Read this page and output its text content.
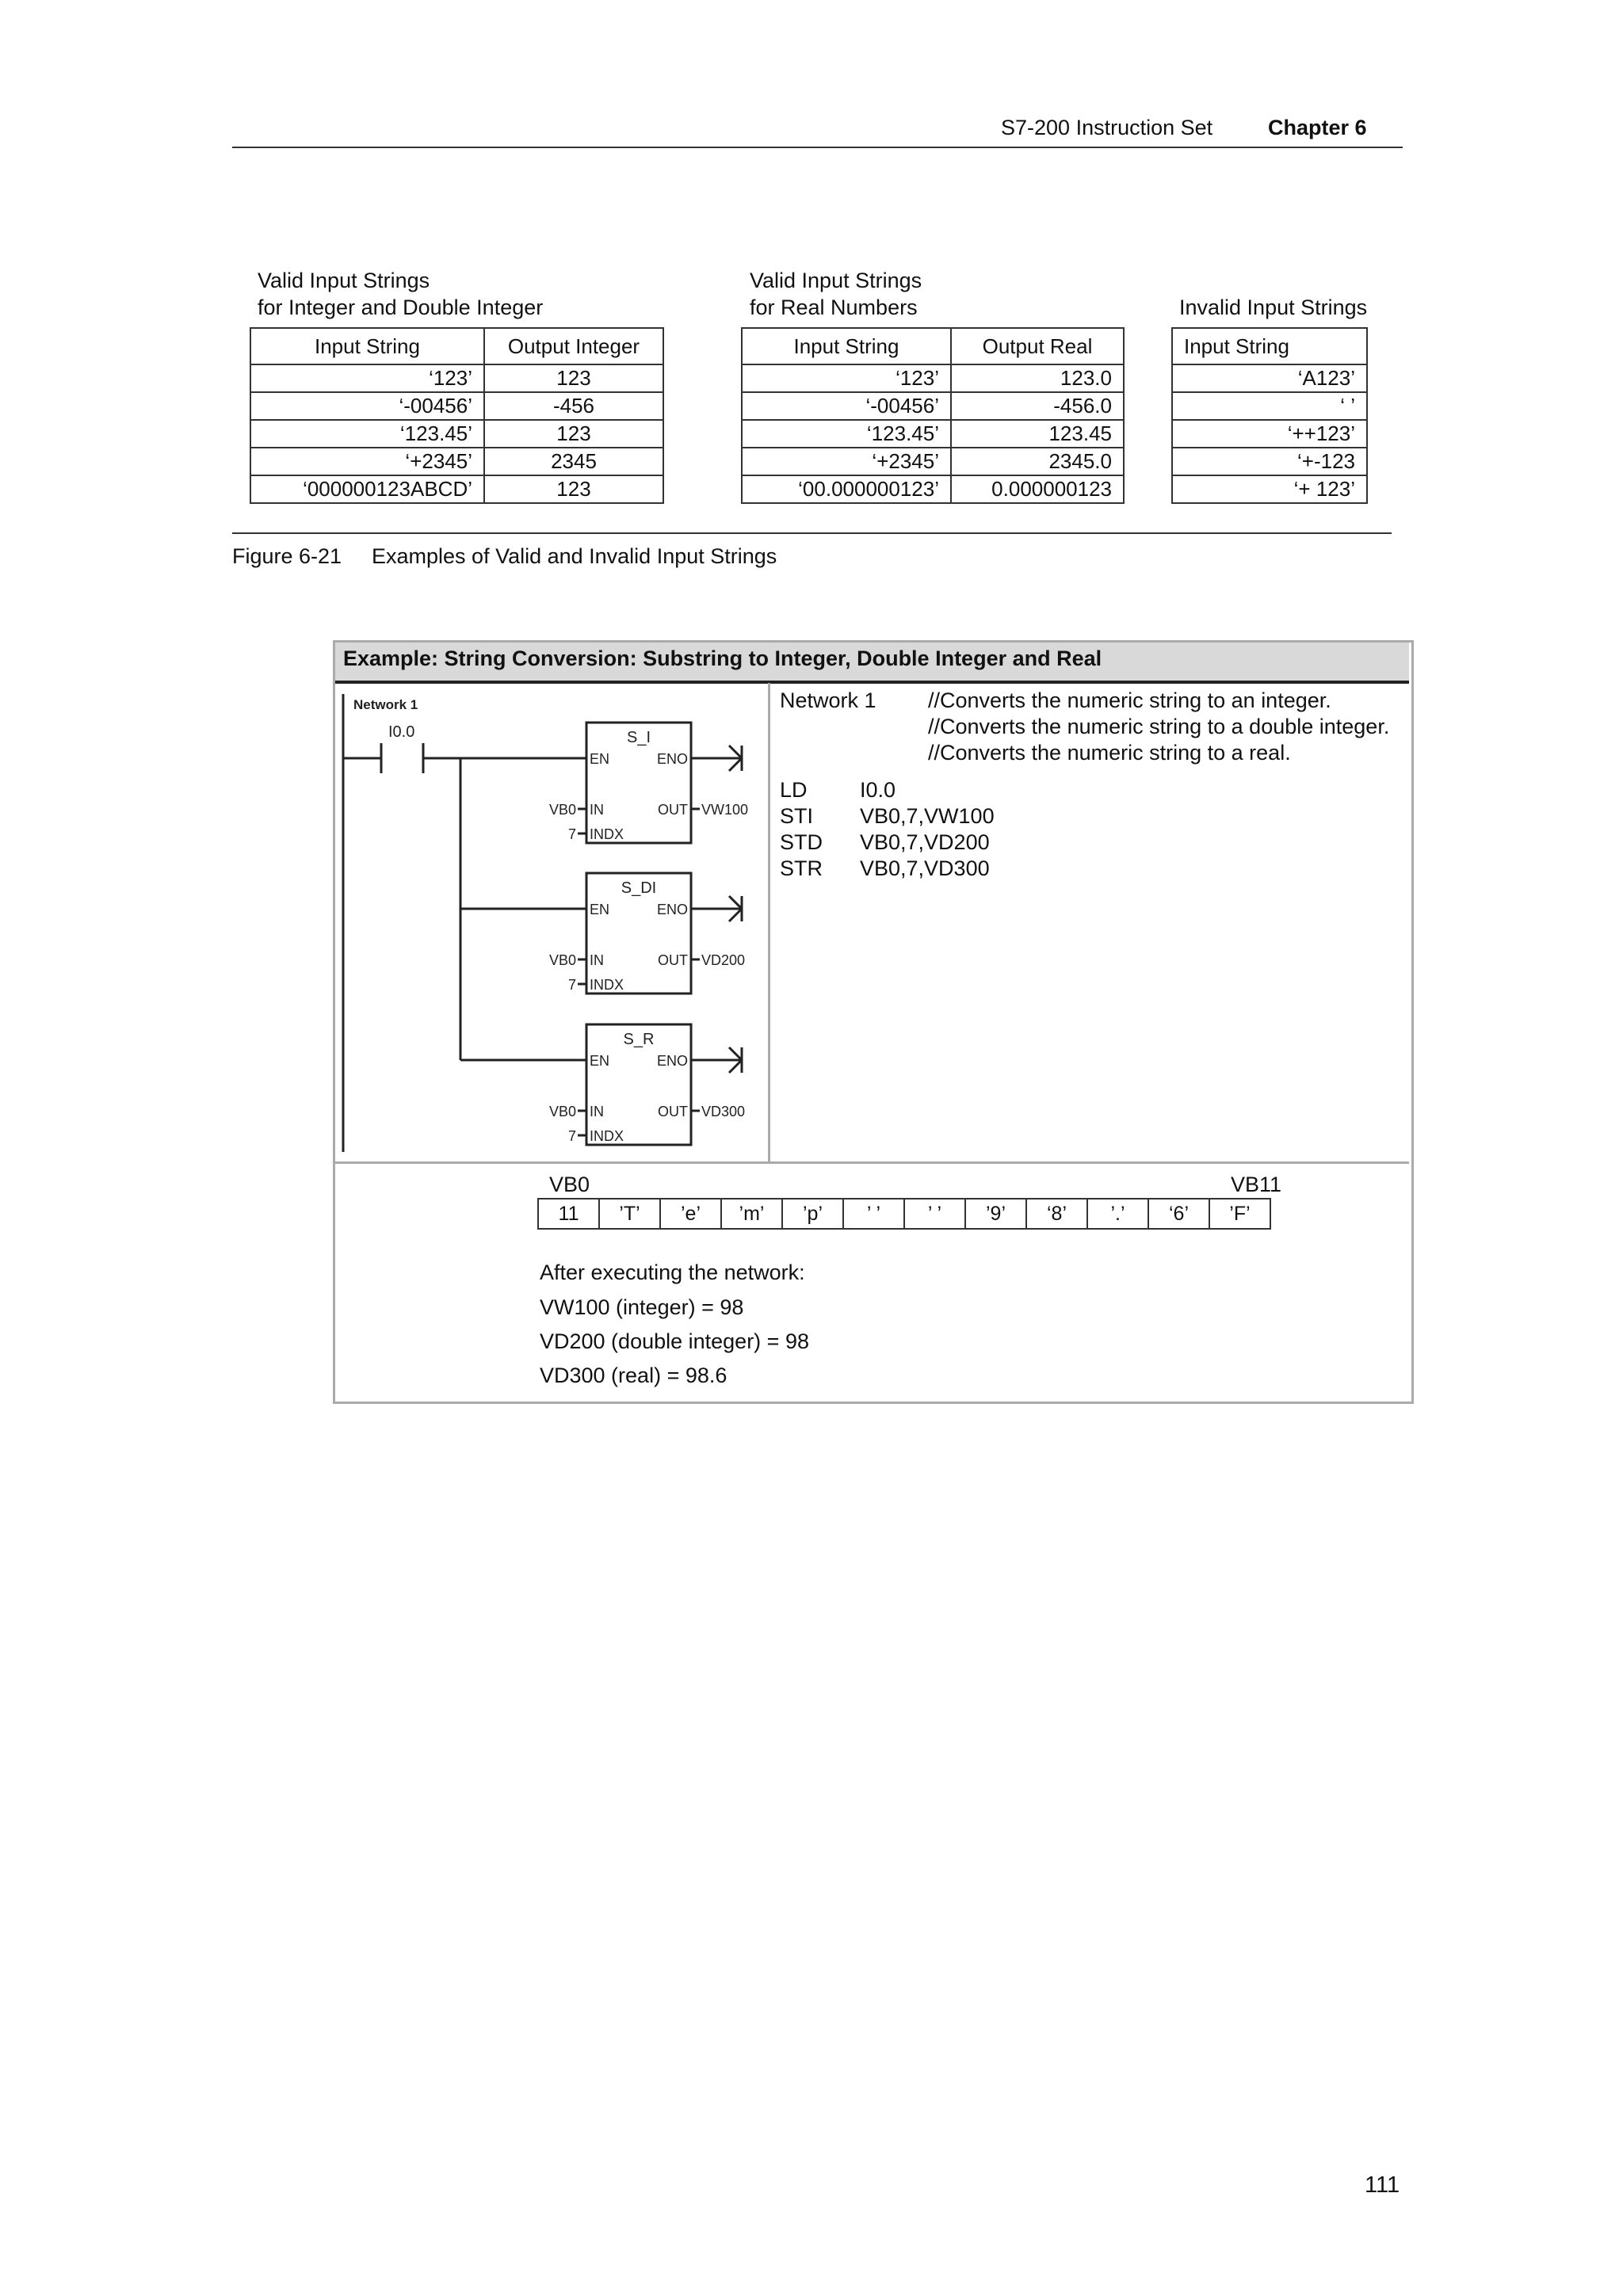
S7-200 Instruction Set	Chapter 6
Valid Input Strings
for Integer and Double Integer
Input String	Output Integer
‘123’	123
‘-00456’	-456
‘123.45’	123
‘+2345’	2345
‘000000123ABCD’	123
Valid Input Strings
for Real Numbers
Input String	Output Real
‘123’	123.0
‘-00456’	-456.0
‘123.45’	123.45
‘+2345’	2345.0
‘00.000000123’	0.000000123
Invalid Input Strings
Input String
‘A123’
‘ ’
‘++123’
‘+-123
‘+ 123’
Figure 6-21 Examples of Valid and Invalid Input Strings
Example: String Conversion: Substring to Integer, Double Integer and Real
Network 1
I0.0	S_I
EN	ENO
IN	OUT
INDX
VB0
7
VW100
S_DI
EN	ENO
IN	OUT
INDX
VB0
7
VD200
S_R
EN	ENO
IN	OUT
INDX
VB0
7
VD300
Network 1 //Converts the numeric string to an integer.
//Converts the numeric string to a double integer.
//Converts the numeric string to a real.
LD I0.0
STI VB0,7,VW100
STD VB0,7,VD200
STR VB0,7,VD300
VB0	VB11
11	’T’	’e’	’m’	’p’	’ ’	’ ’	’9’	‘8’	’.’	‘6’	’F’
After executing the network:
VW100 (integer) = 98
VD200 (double integer) = 98
VD300 (real) = 98.6
111
